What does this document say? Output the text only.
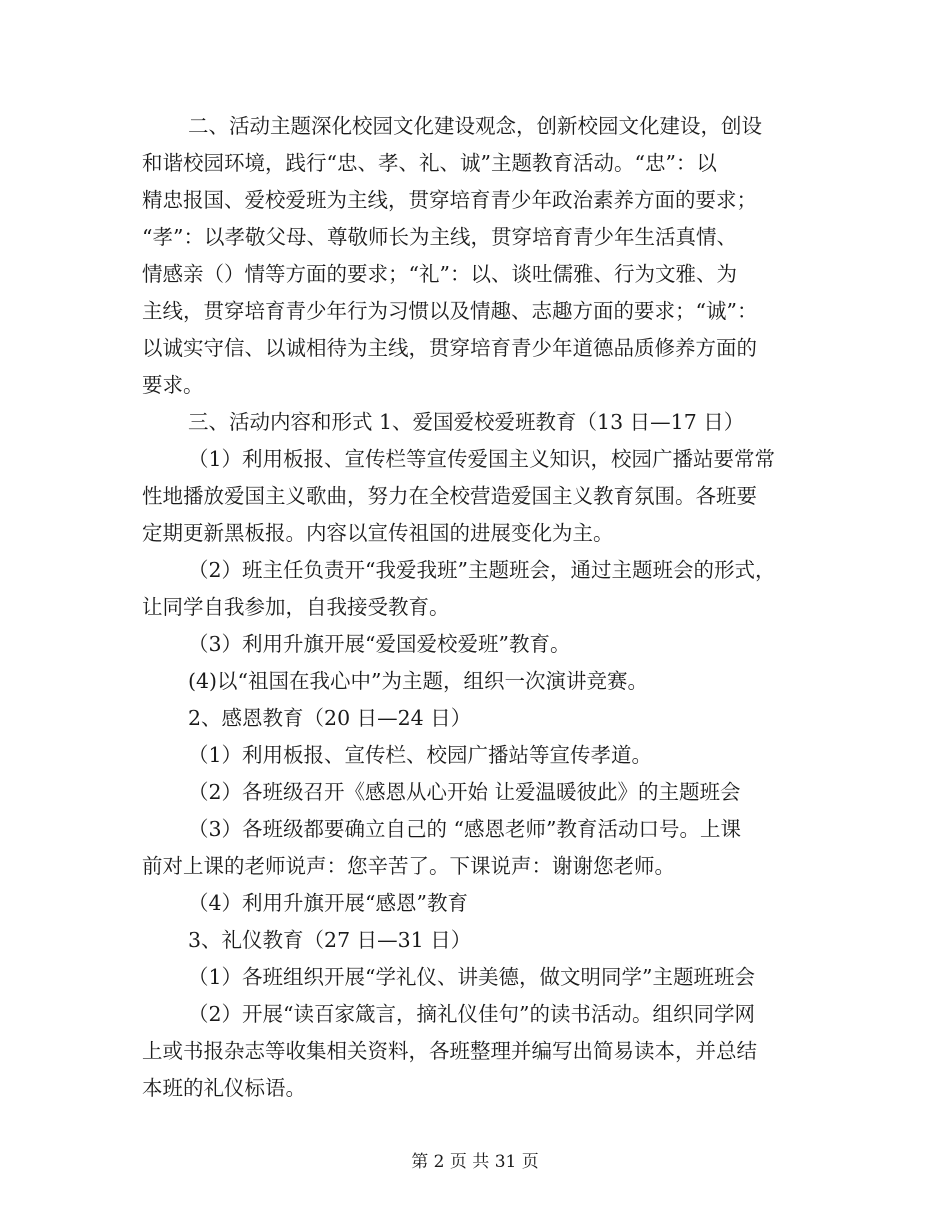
二、活动主题深化校园文化建设观念，创新校园文化建设，创设

和谐校园环境，践行“忠、孝、礼、诚”主题教育活动。“忠”：以

精忠报国、爱校爱班为主线，贯穿培育青少年政治素养方面的要求；

“孝”：以孝敬父母、尊敬师长为主线，贯穿培育青少年生活真情、

情感亲（）情等方面的要求；“礼”：以、谈吐儒雅、行为文雅、为

主线，贯穿培育青少年行为习惯以及情趣、志趣方面的要求；“诚”：

以诚实守信、以诚相待为主线，贯穿培育青少年道德品质修养方面的

要求。

三、活动内容和形式 1、爱国爱校爱班教育（13 日—17 日）

（1）利用板报、宣传栏等宣传爱国主义知识，校园广播站要常常

性地播放爱国主义歌曲，努力在全校营造爱国主义教育氛围。各班要

定期更新黑板报。内容以宣传祖国的进展变化为主。

（2）班主任负责开“我爱我班”主题班会，通过主题班会的形式，

让同学自我参加，自我接受教育。

（3）利用升旗开展“爱国爱校爱班”教育。

(4)以“祖国在我心中”为主题，组织一次演讲竞赛。

2、感恩教育（20 日—24 日）

（1）利用板报、宣传栏、校园广播站等宣传孝道。

（2）各班级召开《感恩从心开始 让爱温暖彼此》的主题班会

（3）各班级都要确立自己的 “感恩老师”教育活动口号。上课

前对上课的老师说声：您辛苦了。下课说声：谢谢您老师。

（4）利用升旗开展“感恩”教育

3、礼仪教育（27 日—31 日）

（1）各班组织开展“学礼仪、讲美德，做文明同学”主题班班会

（2）开展“读百家箴言，摘礼仪佳句”的读书活动。组织同学网

上或书报杂志等收集相关资料，各班整理并编写出简易读本，并总结

本班的礼仪标语。

第 2 页 共 31 页
